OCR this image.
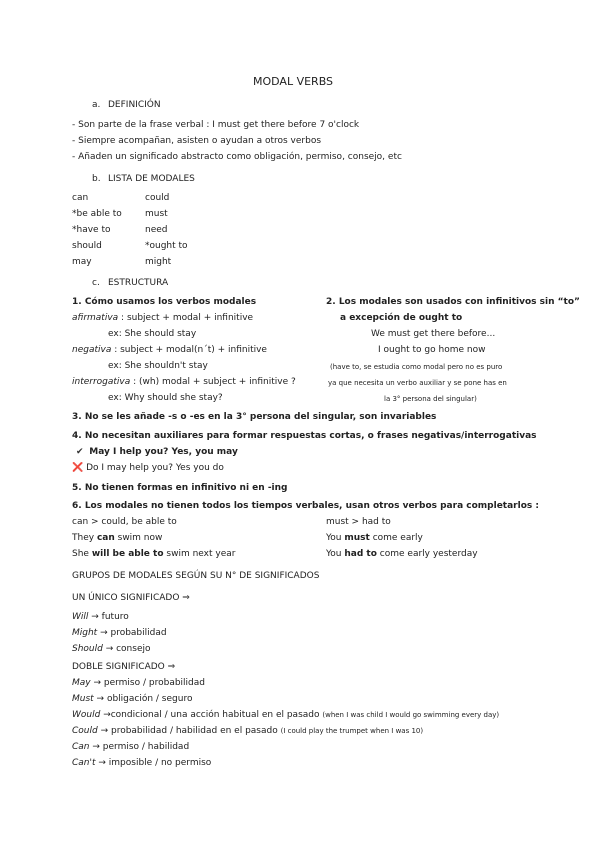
MODAL VERBS
a. DEFINICIÓN
- Son parte de la frase verbal : I must get there before 7 o'clock
- Siempre acompañan, asisten o ayudan a otros verbos
- Añaden un significado abstracto como obligación, permiso, consejo, etc
b. LISTA DE MODALES
can
*be able to
*have to
should
may
could
must
need
*ought to
might
c. ESTRUCTURA
1. Cómo usamos los verbos modales
afirmativa : subject + modal + infinitive
ex: She should stay
negativa : subject + modal(n´t) + infinitive
ex: She shouldn't stay
interrogativa : (wh) modal + subject + infinitive ?
ex: Why should she stay?
2. Los modales son usados con infinitivos sin “to”
a excepción de ought to
We must get there before...
I ought to go home now
(have to, se estudia como modal pero no es puro
ya que necesita un verbo auxiliar y se pone has en
la 3° persona del singular)
3. No se les añade -s o -es en la 3° persona del singular, son invariables
4. No necesitan auxiliares para formar respuestas cortas, o frases negativas/interrogativas
✔ May I help you? Yes, you may
❌ Do I may help you? Yes you do
5. No tienen formas en infinitivo ni en -ing
6. Los modales no tienen todos los tiempos verbales, usan otros verbos para completarlos :
can > could, be able to
They can swim now
She will be able to swim next year
must > had to
You must come early
You had to come early yesterday
GRUPOS DE MODALES SEGÚN SU N° DE SIGNIFICADOS
UN ÚNICO SIGNIFICADO ⇒
Will → futuro
Might → probabilidad
Should → consejo
DOBLE SIGNIFICADO ⇒
May → permiso / probabilidad
Must → obligación / seguro
Would →condicional / una acción habitual en el pasado (when I was child I would go swimming every day)
Could → probabilidad / habilidad en el pasado (I could play the trumpet when I was 10)
Can → permiso / habilidad
Can't → imposible / no permiso
